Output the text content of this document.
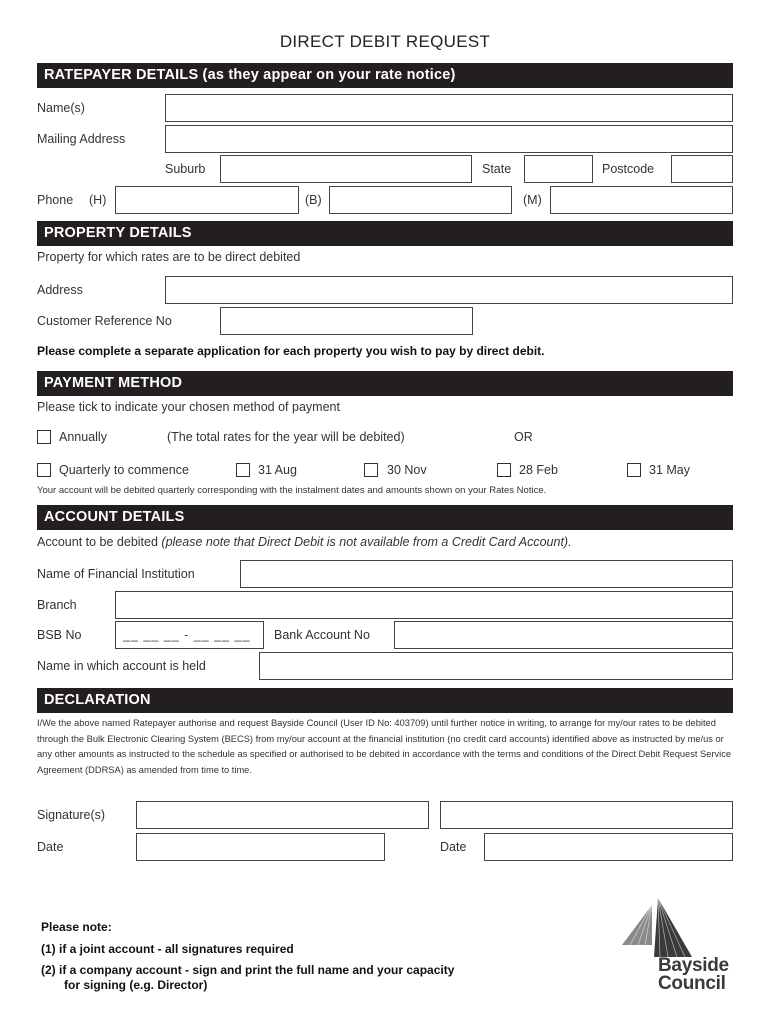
DIRECT DEBIT REQUEST
RATEPAYER DETAILS (as they appear on your rate notice)
Name(s)
Mailing Address
Suburb	State	Postcode
Phone (H)	(B)	(M)
PROPERTY DETAILS
Property for which rates are to be direct debited
Address
Customer Reference No
Please complete a separate application for each property you wish to pay by direct debit.
PAYMENT METHOD
Please tick to indicate your chosen method of payment
Annually	(The total rates for the year will be debited)	OR
Quarterly to commence	31 Aug	30 Nov	28 Feb	31 May
Your account will be debited quarterly corresponding with the instalment dates and amounts shown on your Rates Notice.
ACCOUNT DETAILS
Account to be debited (please note that Direct Debit is not available from a Credit Card Account).
Name of Financial Institution
Branch
BSB No	__ __ __ - __ __ __ Bank Account No
Name in which account is held
DECLARATION
I/We the above named Ratepayer authorise and request Bayside Council (User ID No: 403709) until further notice in writing, to arrange for my/our rates to be debited through the Bulk Electronic Clearing System (BECS) from my/our account at the financial institution (no credit card accounts) identified above as instructed by me/us or any other amounts as instructed to the schedule as specified or authorised to be debited in accordance with the terms and conditions of the Direct Debit Request Service Agreement (DDRSA) as amended from time to time.
Signature(s)
Date	Date
Please note:
(1) if a joint account - all signatures required
(2) if a company account - sign and print the full name and your capacity
for signing (e.g. Director)
Bayside
Council
